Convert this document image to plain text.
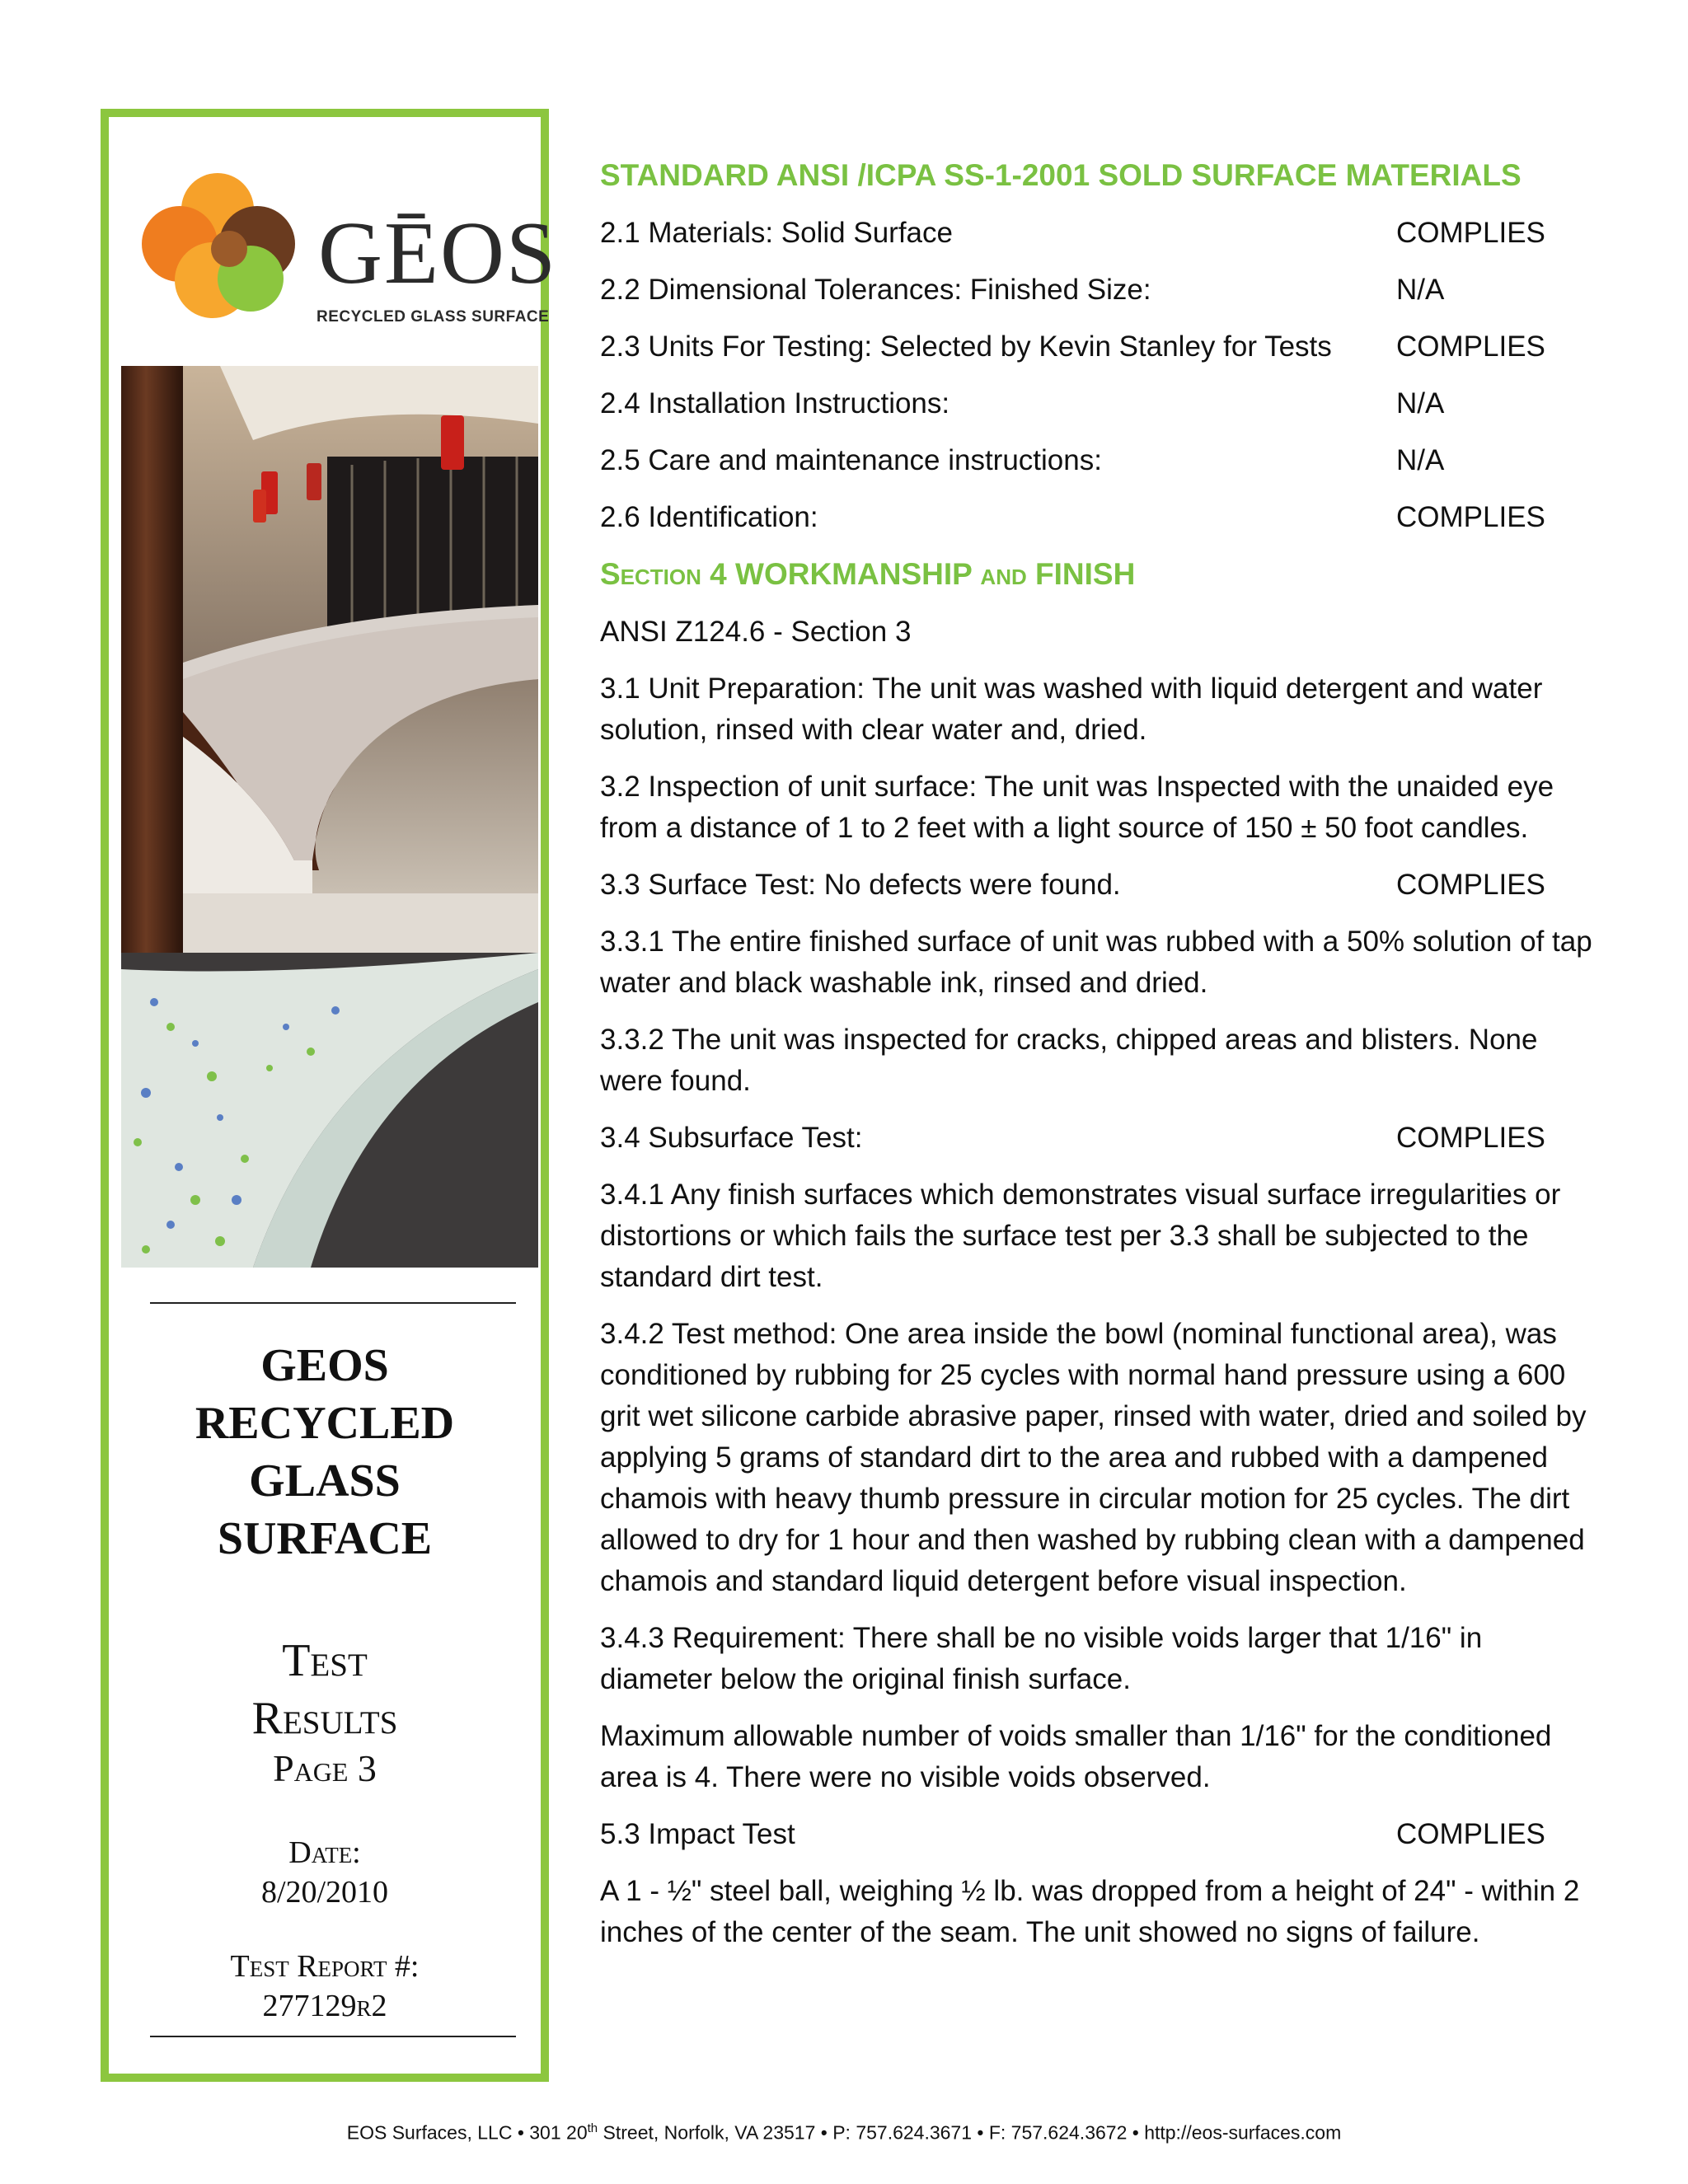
GĒOS
RECYCLED GLASS SURFACE
GEOS
RECYCLED
GLASS
SURFACE
Test
Results
Page 3
Date:
8/20/2010
Test Report #:
277129r2
STANDARD ANSI /ICPA SS-1-2001 SOLD SURFACE MATERIALS
2.1 Materials: Solid Surface	COMPLIES
2.2 Dimensional Tolerances: Finished Size:	N/A
2.3 Units For Testing: Selected by Kevin Stanley for Tests	COMPLIES
2.4 Installation Instructions:	N/A
2.5 Care and maintenance instructions:	N/A
2.6 Identification:	COMPLIES
Section 4 WORKMANSHIP and FINISH
ANSI Z124.6 - Section 3
3.1 Unit Preparation: The unit was washed with liquid detergent and water solution, rinsed with clear water and, dried.
3.2 Inspection of unit surface: The unit was Inspected with the unaided eye from a distance of 1 to 2 feet with a light source of 150 ± 50 foot candles.
3.3 Surface Test: No defects were found.	COMPLIES
3.3.1 The entire finished surface of unit was rubbed with a 50% solution of tap water and black washable ink, rinsed and dried.
3.3.2 The unit was inspected for cracks, chipped areas and blisters. None were found.
3.4 Subsurface Test:	COMPLIES
3.4.1 Any finish surfaces which demonstrates visual surface irregularities or distortions or which fails the surface test per 3.3 shall be subjected to the standard dirt test.
3.4.2 Test method: One area inside the bowl (nominal functional area), was conditioned by rubbing for 25 cycles with normal hand pressure using a 600 grit wet silicone carbide abrasive paper, rinsed with water, dried and soiled by applying 5 grams of standard dirt to the area and rubbed with a dampened chamois with heavy thumb pressure in circular motion for 25 cycles. The dirt allowed to dry for 1 hour and then washed by rubbing clean with a dampened chamois and standard liquid detergent before visual inspection.
3.4.3 Requirement: There shall be no visible voids larger that 1/16" in diameter below the original finish surface.
Maximum allowable number of voids smaller than 1/16" for the conditioned area is 4. There were no visible voids observed.
5.3 Impact Test	COMPLIES
A 1 - ½" steel ball, weighing ½ lb. was dropped from a height of 24" - within 2 inches of the center of the seam. The unit showed no signs of failure.
EOS Surfaces, LLC • 301 20th Street, Norfolk, VA 23517 • P: 757.624.3671 • F: 757.624.3672 • http://eos-surfaces.com
